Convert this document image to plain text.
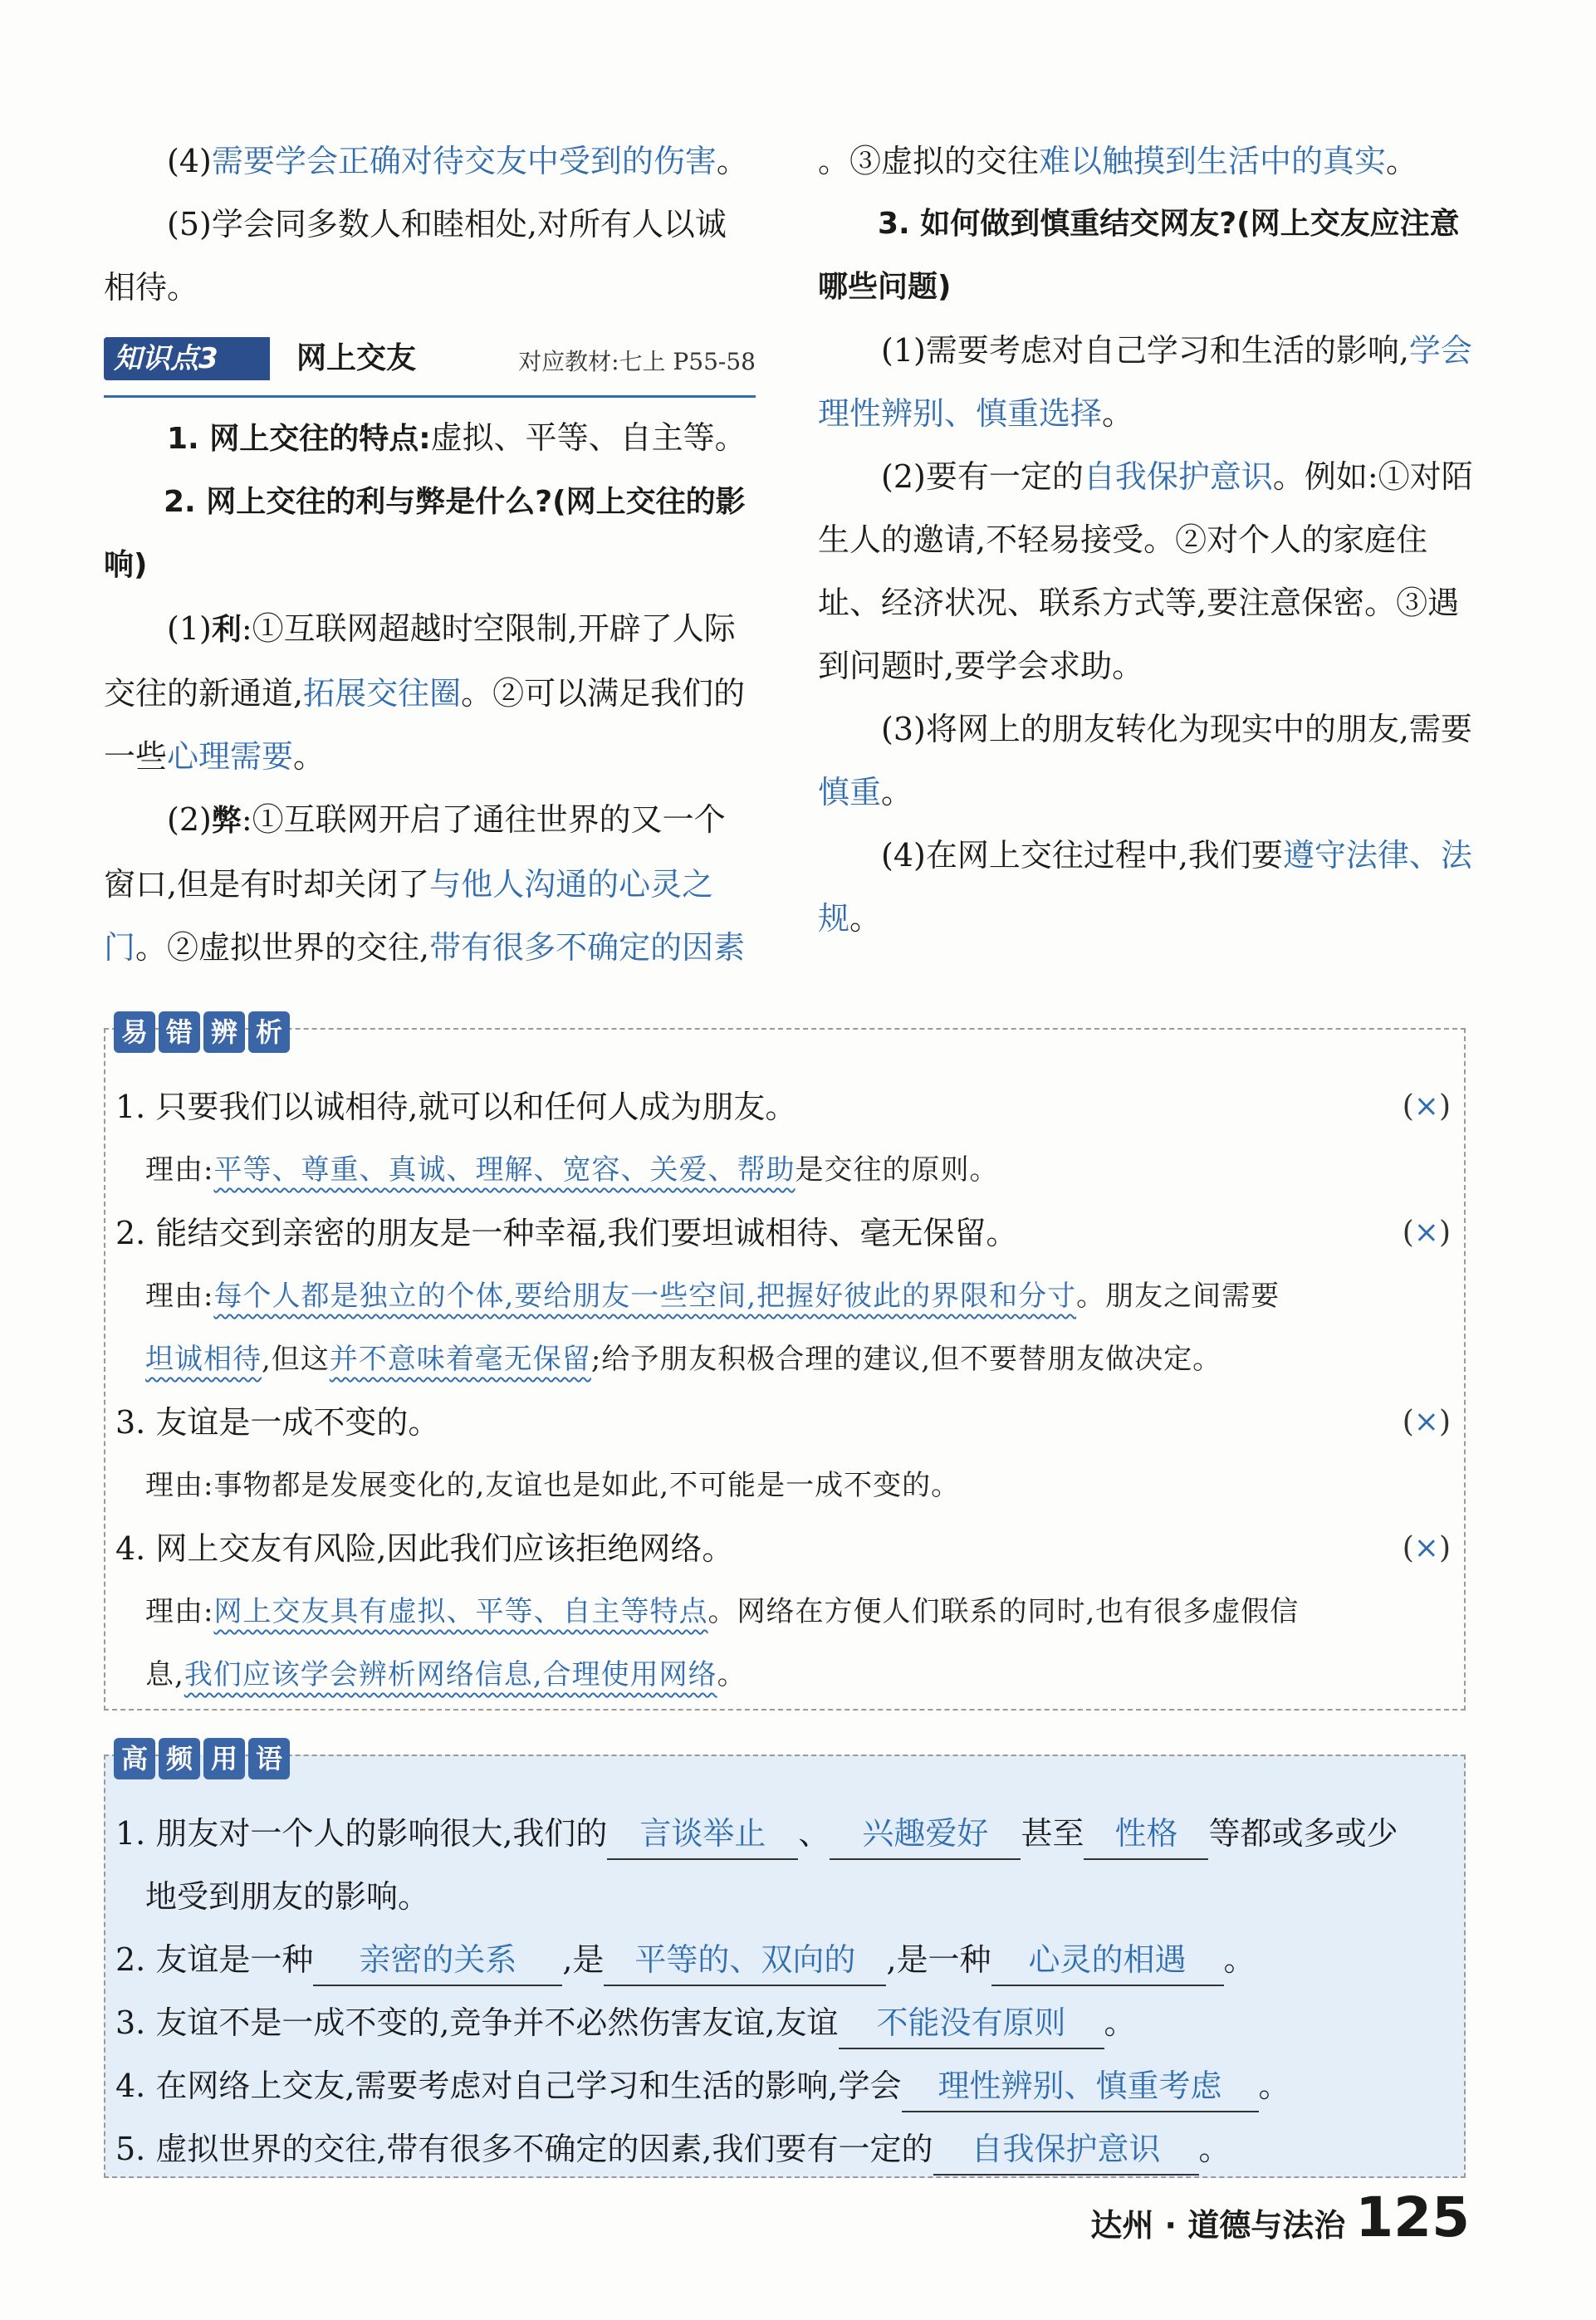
(4)需要学会正确对待交友中受到的伤害。

(5)学会同多数人和睦相处,对所有人以诚相待。

知识点3	网上交友	对应教材:七上 P55-58

1. 网上交往的特点:虚拟、平等、自主等。

2. 网上交往的利与弊是什么?(网上交往的影响)

(1)利:①互联网超越时空限制,开辟了人际交往的新通道,拓展交往圈。②可以满足我们的一些心理需要。

(2)弊:①互联网开启了通往世界的又一个窗口,但是有时却关闭了与他人沟通的心灵之门。②虚拟世界的交往,带有很多不确定的因素

。③虚拟的交往难以触摸到生活中的真实。

3. 如何做到慎重结交网友?(网上交友应注意哪些问题)

(1)需要考虑对自己学习和生活的影响,学会理性辨别、慎重选择。

(2)要有一定的自我保护意识。例如:①对陌生人的邀请,不轻易接受。②对个人的家庭住址、经济状况、联系方式等,要注意保密。③遇到问题时,要学会求助。

(3)将网上的朋友转化为现实中的朋友,需要慎重。

(4)在网上交往过程中,我们要遵守法律、法规。

易 错 辨 析
1. 只要我们以诚相待,就可以和任何人成为朋友。	(×)
理由:平等、尊重、真诚、理解、宽容、关爱、帮助是交往的原则。
2. 能结交到亲密的朋友是一种幸福,我们要坦诚相待、毫无保留。	(×)
理由:每个人都是独立的个体,要给朋友一些空间,把握好彼此的界限和分寸。朋友之间需要
坦诚相待,但这并不意味着毫无保留;给予朋友积极合理的建议,但不要替朋友做决定。
3. 友谊是一成不变的。	(×)
理由:事物都是发展变化的,友谊也是如此,不可能是一成不变的。
4. 网上交友有风险,因此我们应该拒绝网络。	(×)
理由:网上交友具有虚拟、平等、自主等特点。网络在方便人们联系的同时,也有很多虚假信
息,我们应该学会辨析网络信息,合理使用网络。
高 频 用 语
1. 朋友对一个人的影响很大,我们的 言谈举止 、 兴趣爱好 甚至 性格 等都或多或少
地受到朋友的影响。
2. 友谊是一种 亲密的关系 ,是 平等的、双向的 ,是一种 心灵的相遇 。
3. 友谊不是一成不变的,竞争并不必然伤害友谊,友谊 不能没有原则 。
4. 在网络上交友,需要考虑对自己学习和生活的影响,学会 理性辨别、慎重考虑 。
5. 虚拟世界的交往,带有很多不确定的因素,我们要有一定的 自我保护意识 。
达州 · 道德与法治 125
